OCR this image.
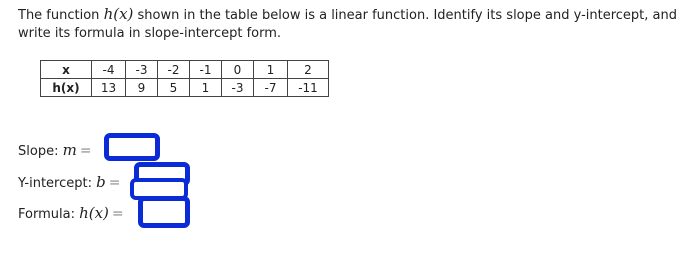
The function h(x) shown in the table below is a linear function. Identify its slope and y-intercept, and write its formula in slope-intercept form.
x	-4	-3	-2	-1	0	1	2
h(x)	13	9	5	1	-3	-7	-11
Slope: m =
Y-intercept: b =
Formula: h(x) =
